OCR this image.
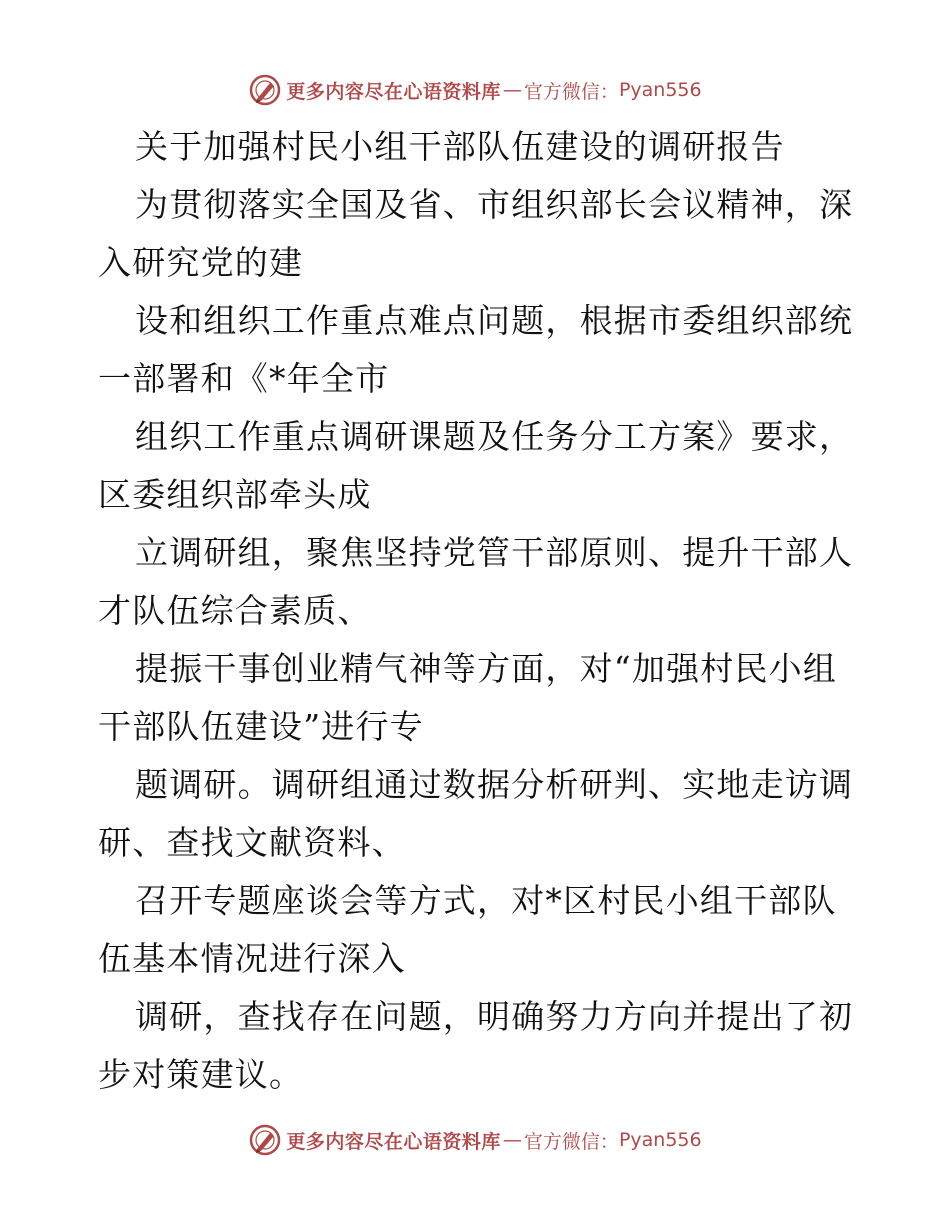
更多内容尽在心语资料库 — 官方微信： Pyan556
关于加强村民小组干部队伍建设的调研报告
为贯彻落实全国及省、市组织部长会议精神，深
入研究党的建
设和组织工作重点难点问题，根据市委组织部统
一部署和《*年全市
组织工作重点调研课题及任务分工方案》要求，
区委组织部牵头成
立调研组，聚焦坚持党管干部原则、提升干部人
才队伍综合素质、
提振干事创业精气神等方面，对“加强村民小组
干部队伍建设”进行专
题调研。调研组通过数据分析研判、实地走访调
研、查找文献资料、
召开专题座谈会等方式，对*区村民小组干部队
伍基本情况进行深入
调研，查找存在问题，明确努力方向并提出了初
步对策建议。
更多内容尽在心语资料库 — 官方微信： Pyan556
